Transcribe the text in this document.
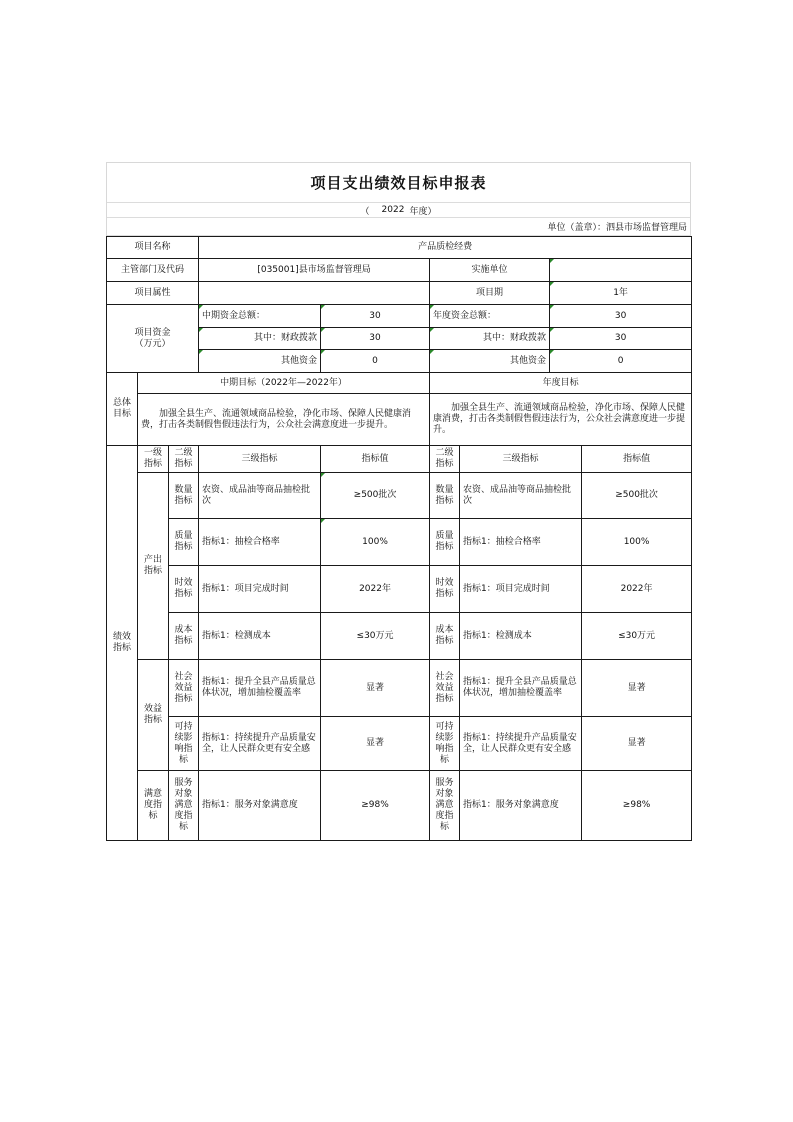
项目支出绩效目标申报表
（ 2022 年度）
单位（盖章）：泗县市场监督管理局
项目名称			产品质检经费					
主管部门及代码			[035001]县市场监督管理局		实施单位			
项目属性					项目期		1年	
项目资金
（万元）			中期资金总额：	30	年度资金总额：		30	
			其中：财政拨款	30	其中：财政拨款		30	
			其他资金	0	其他资金		0	
总体目标	中期目标（2022年—2022年）				年度目标			
	加强全县生产、流通领域商品检验，净化市场、保障人民健康消费，打击各类制假售假违法行为，公众社会满意度进一步提升。				加强全县生产、流通领域商品检验，净化市场、保障人民健康消费，打击各类制假售假违法行为，公众社会满意度进一步提升。			
绩效指标	一级指标	二级指标	三级指标	指标值	二级指标	三级指标		指标值
	产出指标	数量指标	农资、成品油等商品抽检批次	≥500批次	数量指标	农资、成品油等商品抽检批次		≥500批次
		质量指标	指标1：抽检合格率	100%	质量指标	指标1：抽检合格率		100%
		时效指标	指标1：项目完成时间	2022年	时效指标	指标1：项目完成时间		2022年
		成本指标	指标1：检测成本	≤30万元	成本指标	指标1：检测成本		≤30万元
	效益指标	社会效益指标	指标1：提升全县产品质量总体状况，增加抽检覆盖率	显著	社会效益指标	指标1：提升全县产品质量总体状况，增加抽检覆盖率		显著
		可持续影响指标	指标1：持续提升产品质量安全，让人民群众更有安全感	显著	可持续影响指标	指标1：持续提升产品质量安全，让人民群众更有安全感		显著
	满意度指标	服务对象满意度指标	指标1：服务对象满意度	≥98%	服务对象满意度指标	指标1：服务对象满意度		≥98%
